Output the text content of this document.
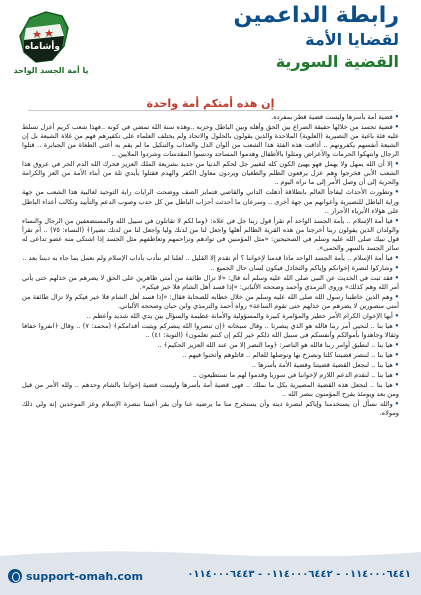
وأشاماه
يا أمة الجسد الواحد
رابطة الداعمين
لقضايا الأمة
القضية السورية
إن هذه أمتكم أمة واحدة

•قضية أمة بأسرها وليست قضية قطر بمفرده.

•قضية تجسد من خلالها حقيقة الصراع بين الحق وأهله وبين الباطل وحزبه ..وهذه سنة الله تمضي في كونه ..فهذا شعب كريم أعزل تسلط عليه فئة باغية من النصيرية (العلوية) الملاحدة والذين يقولون بالحلول والاتحاد ولم يختلف العلماء على تكفيرهم فهم من غلاة الشيعة بل إن الشيعة أنفسهم يكفرونهم .. أذاقت هذه الفئة هذا الشعب من ألوان الذل والعذاب والتنكيل ما لم يقم به أعتى الطغاة من الجبابرة .. قتلوا الرجال وانتهكوا الحرمات والأعراض ومثلوا بالأطفال وهدموا المساجد ودنسوا المقدسات وشردوا الملايين ..

•إلا أن الله يمهل ولا يهمل فهو يهيئ الكون كله لتغيير جل لحكم الدنيا من جديد بشريعة الملك العزيز فحرك الله الدم الحر في عروق هذا الشعب الأبي فخرجوا وهم عزل يرفعون الظلم والطغيان ويردون معاول الكفر والهدم فقتلوا بأيدي ثلة من أبناء الأمة من العز والكرامة والحرية إلى أن وصل الأمر إلى ما نراه اليوم ..

•وتطورت الأحداث ليفاجأ العالم بانطلاقة أذهلت الداني والقاصي فتمايز الصف ووضحت الرايات راية التوحيد لغالبية هذا الشعب من جهة وراية الباطل للنصيرية وأعوانهم من جهة أخرى .. وسرعان ما أحدثت أحزاب الباطل من كل حدب وصوب الدعم والتأييد وتكالب أعداء الباطل على هؤلاء الأبرياء الأحرار ..

•فيا أمة الإسلام .. يأمة الجسد الواحد أم تقرأ قول ربنا جل في علاه: ﴿وما لكم لا تقاتلون في سبيل الله والمستضعفين من الرجال والنساء والولدان الذين يقولون ربنا أخرجنا من هذه القرية الظالم أهلها واجعل لنا من لدنك وليا واجعل لنا من لدنك نصيرا﴾ (النساء: ٧٥) .. أم تقرأ قول نبيك صلى الله عليه وسلم في الصحيحين: «مثل المؤمنين في توادهم وتراحمهم وتعاطفهم مثل الجسد إذا اشتكى منه عضو تداعى له سائر الجسد بالسهر والحمى».

•فيا أمة الإسلام .. يأمة الجسد الواحد ماذا قدمنا لإخواننا ؟ أم تقدم إلا القليل .. لعلنا لم نتأدب بآداب الإسلام ولم نعمل بما جاء به ديننا بعد ..

•وشاركوا لنصرة إخوانكم وإياكم والتخاذل فيكون لسان حال الجميع ..

•فقد ثبت في الحديث عن النبي صلى الله عليه وسلم أنه قال: «لا تزال طائفة من أمتي ظاهرين على الحق لا يضرهم من خذلهم حتى يأتي أمر الله وهم كذلك» وروى الترمذي وأحمد وصححه الألباني: «إذا فسد أهل الشام فلا خير فيكم».

•وهم الذين خاطبنا رسول الله صلى الله عليه وسلم من خلال خطابه للصحابة فقال: «إذا فسد أهل الشام فلا خير فيكم ولا تزال طائفة من أمتي منصورين لا يضرهم من خذلهم حتى تقوم الساعة» رواه أحمد والترمذي وابن حبان وصححه الألباني.

•أيها الإخوان الكرام الأمر خطير والمؤامرة كبيرة والمسؤولية والأمانة عظيمة والسؤال بين يدي الله شديد وأعظم ..

•هيا بنا .. لنحيي أمر ربنا فالله هو الذي ينصرنا .. وقال سبحانه ﴿إن تنصروا الله ينصركم ويثبت أقدامكم﴾ (محمد: ٧) .. وقال ﴿انفروا خفافا وثقالا وجاهدوا بأموالكم وأنفسكم في سبيل الله ذلكم خير لكم إن كنتم تعلمون﴾ (التوبة: ٤١) ..

•هيا بنا .. لنطبق أوامر ربنا فالله هو الناصر: ﴿وما النصر إلا من عند الله العزيز الحكيم﴾ ..

•هيا بنا .. لننصر قضيتنا كلنا ونصرخ بها ونوصلها للعالم .. قاتلوهم وأثخنوا فيهم ..

•هيا بنا .. لنجعل القضية قضيتنا وقضية الأمة بأسرها ..

•هيا بنا .. لنقدم الدعم اللازم لإخواننا في سوريا وقدموا لهم ما تستطيعون ..

•هيا بنا .. لنجعل هذه القضية المصيرية بكل ما نملك .. فهي قضية أمة بأسرها وليست قضية إخواننا بالشام وحدهم .. ولله الأمر من قبل ومن بعد ويومئذ يفرح المؤمنون بنصر الله ..

•والله نسأل أن يستخدمنا وإياكم لنصرة دينه وأن يستخرج منا ما يرضيه عنا وأن يقر أعيننا بنصرة الإسلام وعز الموحدين إنه ولي ذلك ومولاه.

support-omah.com	٠١١٤٠٠٠٦٤٤١ - ٠١١٤٠٠٠٦٤٤٢ - ٠١١٤٠٠٠٦٤٤٣
